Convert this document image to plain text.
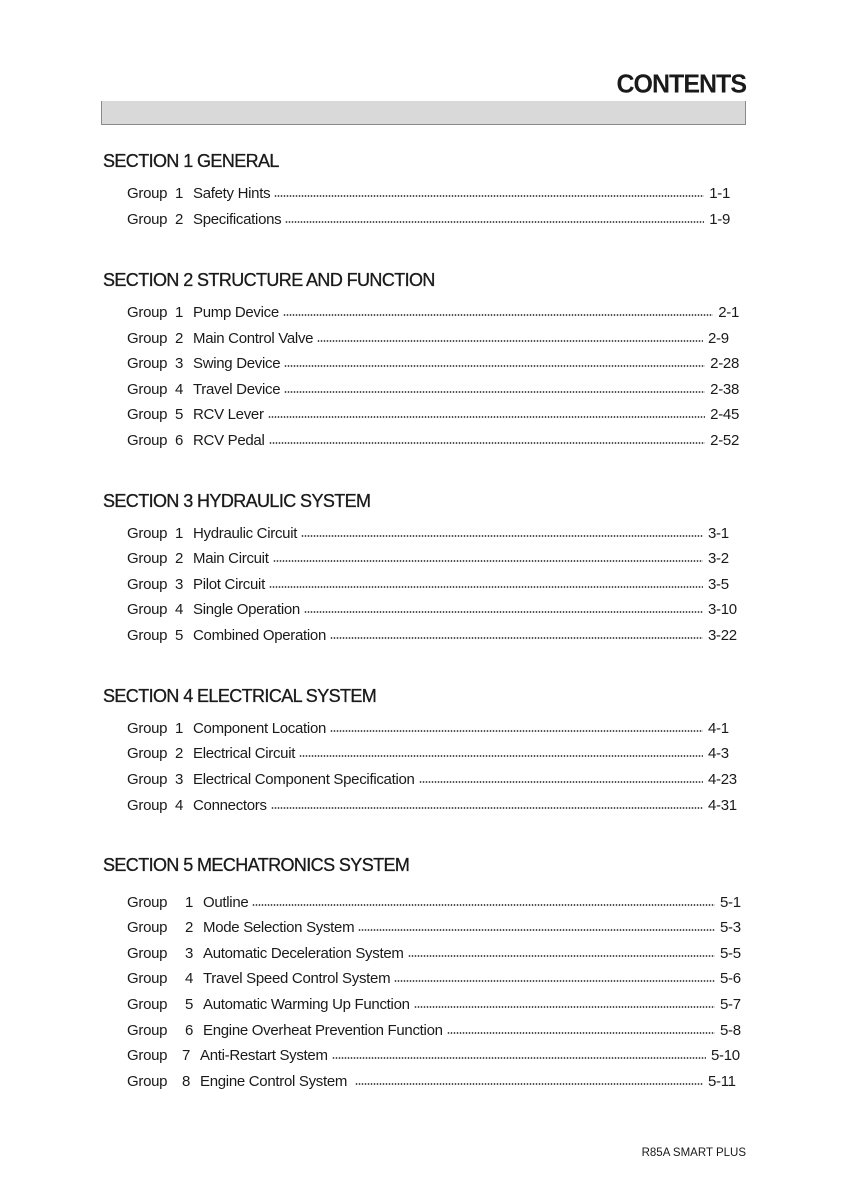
CONTENTS
SECTION 1 GENERAL
Group 1 Safety Hints	1-1
Group 2 Specifications	1-9
SECTION 2 STRUCTURE AND FUNCTION
Group 1 Pump Device	2-1
Group 2 Main Control Valve	2-9
Group 3 Swing Device	2-28
Group 4 Travel Device	2-38
Group 5 RCV Lever	2-45
Group 6 RCV Pedal	2-52
SECTION 3 HYDRAULIC SYSTEM
Group 1 Hydraulic Circuit	3-1
Group 2 Main Circuit	3-2
Group 3 Pilot Circuit	3-5
Group 4 Single Operation	3-10
Group 5 Combined Operation	3-22
SECTION 4 ELECTRICAL SYSTEM
Group 1 Component Location	4-1
Group 2 Electrical Circuit	4-3
Group 3 Electrical Component Specification	4-23
Group 4 Connectors	4-31
SECTION 5 MECHATRONICS SYSTEM
Group	1 Outline	5-1
Group	2 Mode Selection System	5-3
Group	3 Automatic Deceleration System	5-5
Group	4 Travel Speed Control System	5-6
Group	5 Automatic Warming Up Function	5-7
Group	6 Engine Overheat Prevention Function	5-8
Group 7 Anti-Restart System	5-10
Group 8 Engine Control System	5-11
R85A SMART PLUS
